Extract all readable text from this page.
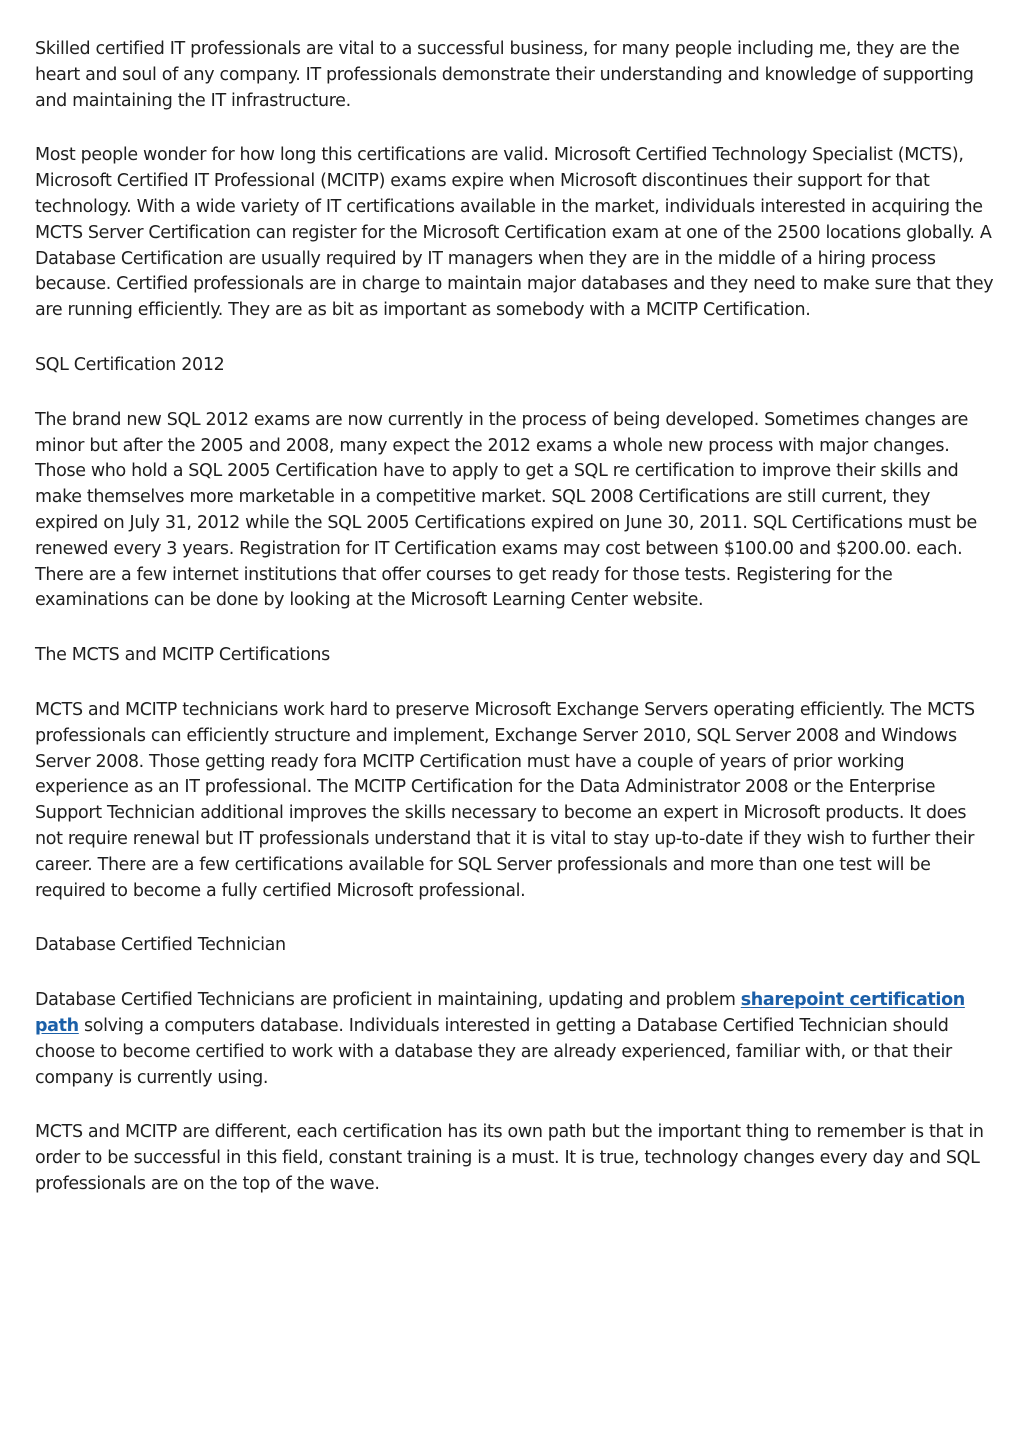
Skilled certified IT professionals are vital to a successful business, for many people including me, they are the heart and soul of any company. IT professionals demonstrate their understanding and knowledge of supporting and maintaining the IT infrastructure.

Most people wonder for how long this certifications are valid. Microsoft Certified Technology Specialist (MCTS), Microsoft Certified IT Professional (MCITP) exams expire when Microsoft discontinues their support for that technology. With a wide variety of IT certifications available in the market, individuals interested in acquiring the MCTS Server Certification can register for the Microsoft Certification exam at one of the 2500 locations globally. A Database Certification are usually required by IT managers when they are in the middle of a hiring process because. Certified professionals are in charge to maintain major databases and they need to make sure that they are running efficiently. They are as bit as important as somebody with a MCITP Certification.

SQL Certification 2012

The brand new SQL 2012 exams are now currently in the process of being developed. Sometimes changes are minor but after the 2005 and 2008, many expect the 2012 exams a whole new process with major changes. Those who hold a SQL 2005 Certification have to apply to get a SQL re certification to improve their skills and make themselves more marketable in a competitive market. SQL 2008 Certifications are still current, they expired on July 31, 2012 while the SQL 2005 Certifications expired on June 30, 2011. SQL Certifications must be renewed every 3 years. Registration for IT Certification exams may cost between $100.00 and $200.00. each. There are a few internet institutions that offer courses to get ready for those tests. Registering for the examinations can be done by looking at the Microsoft Learning Center website.

The MCTS and MCITP Certifications

MCTS and MCITP technicians work hard to preserve Microsoft Exchange Servers operating efficiently. The MCTS professionals can efficiently structure and implement, Exchange Server 2010, SQL Server 2008 and Windows Server 2008. Those getting ready fora MCITP Certification must have a couple of years of prior working experience as an IT professional. The MCITP Certification for the Data Administrator 2008 or the Enterprise Support Technician additional improves the skills necessary to become an expert in Microsoft products. It does not require renewal but IT professionals understand that it is vital to stay up-to-date if they wish to further their career. There are a few certifications available for SQL Server professionals and more than one test will be required to become a fully certified Microsoft professional.

Database Certified Technician

Database Certified Technicians are proficient in maintaining, updating and problem sharepoint certification path solving a computers database. Individuals interested in getting a Database Certified Technician should choose to become certified to work with a database they are already experienced, familiar with, or that their company is currently using.

MCTS and MCITP are different, each certification has its own path but the important thing to remember is that in order to be successful in this field, constant training is a must. It is true, technology changes every day and SQL professionals are on the top of the wave.
